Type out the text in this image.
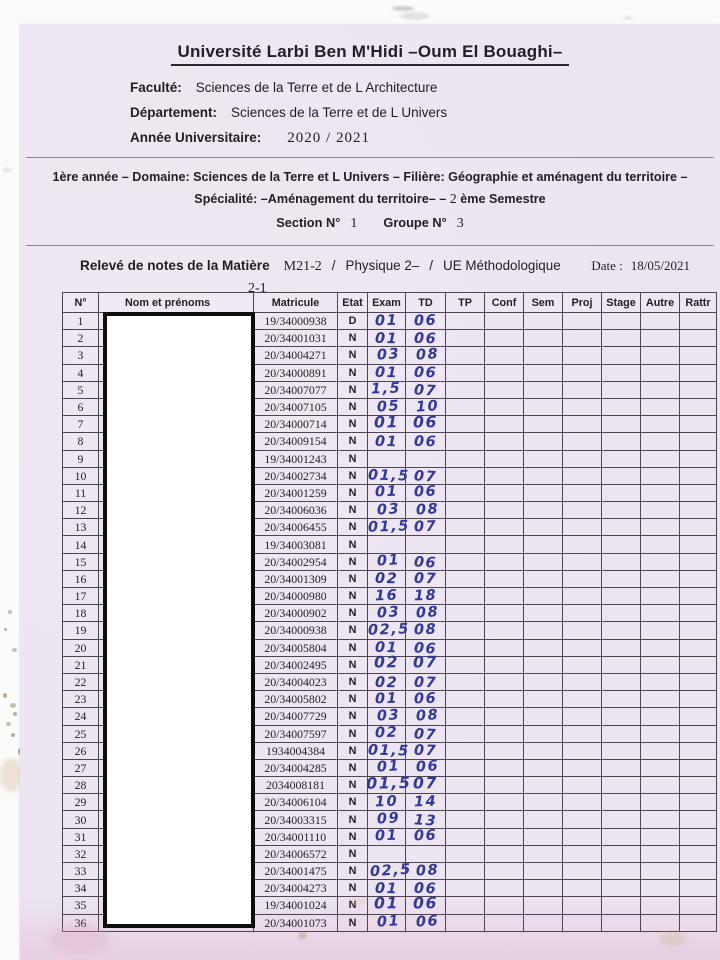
Université Larbi Ben M'Hidi –Oum El Bouaghi–
Faculté: Sciences de la Terre et de L Architecture
Département: Sciences de la Terre et de L Univers
Année Universitaire: 2020 / 2021
1ère année – Domaine: Sciences de la Terre et L Univers – Filière: Géographie et aménagent du territoire –
Spécialité: –Aménagement du territoire– – 2 ème Semestre
Section N° 1 Groupe N° 3
Relevé de notes de la Matière M21-2 / Physique 2– / UE Méthodologique Date : 18/05/2021
2-1
N°	Nom et prénoms	Matricule	Etat	Exam	TD	TP	Conf	Sem	Proj	Stage	Autre	Rattr
1		19/34000938	D	01	06							
2		20/34001031	N	01	06							
3		20/34004271	N	03	08							
4		20/34000891	N	01	06							
5		20/34007077	N	1,5	07							
6		20/34007105	N	05	10							
7		20/34000714	N	01	06							
8		20/34009154	N	01	06							
9		19/34001243	N									
10		20/34002734	N	01,5	07							
11		20/34001259	N	01	06							
12		20/34006036	N	03	08							
13		20/34006455	N	01,5	07							
14		19/34003081	N									
15		20/34002954	N	01	06							
16		20/34001309	N	02	07							
17		20/34000980	N	16	18							
18		20/34000902	N	03	08							
19		20/34000938	N	02,5	08							
20		20/34005804	N	01	06							
21		20/34002495	N	02	07							
22		20/34004023	N	02	07							
23		20/34005802	N	01	06							
24		20/34007729	N	03	08							
25		20/34007597	N	02	07							
26		1934004384	N	01,5	07							
27		20/34004285	N	01	06							
28		2034008181	N	01,5	07							
29		20/34006104	N	10	14							
30		20/34003315	N	09	13							
31		20/34001110	N	01	06							
32		20/34006572	N									
33		20/34001475	N	02,5	08							
34		20/34004273	N	01	06							
35		19/34001024	N	01	06							
36		20/34001073	N	01	06							
